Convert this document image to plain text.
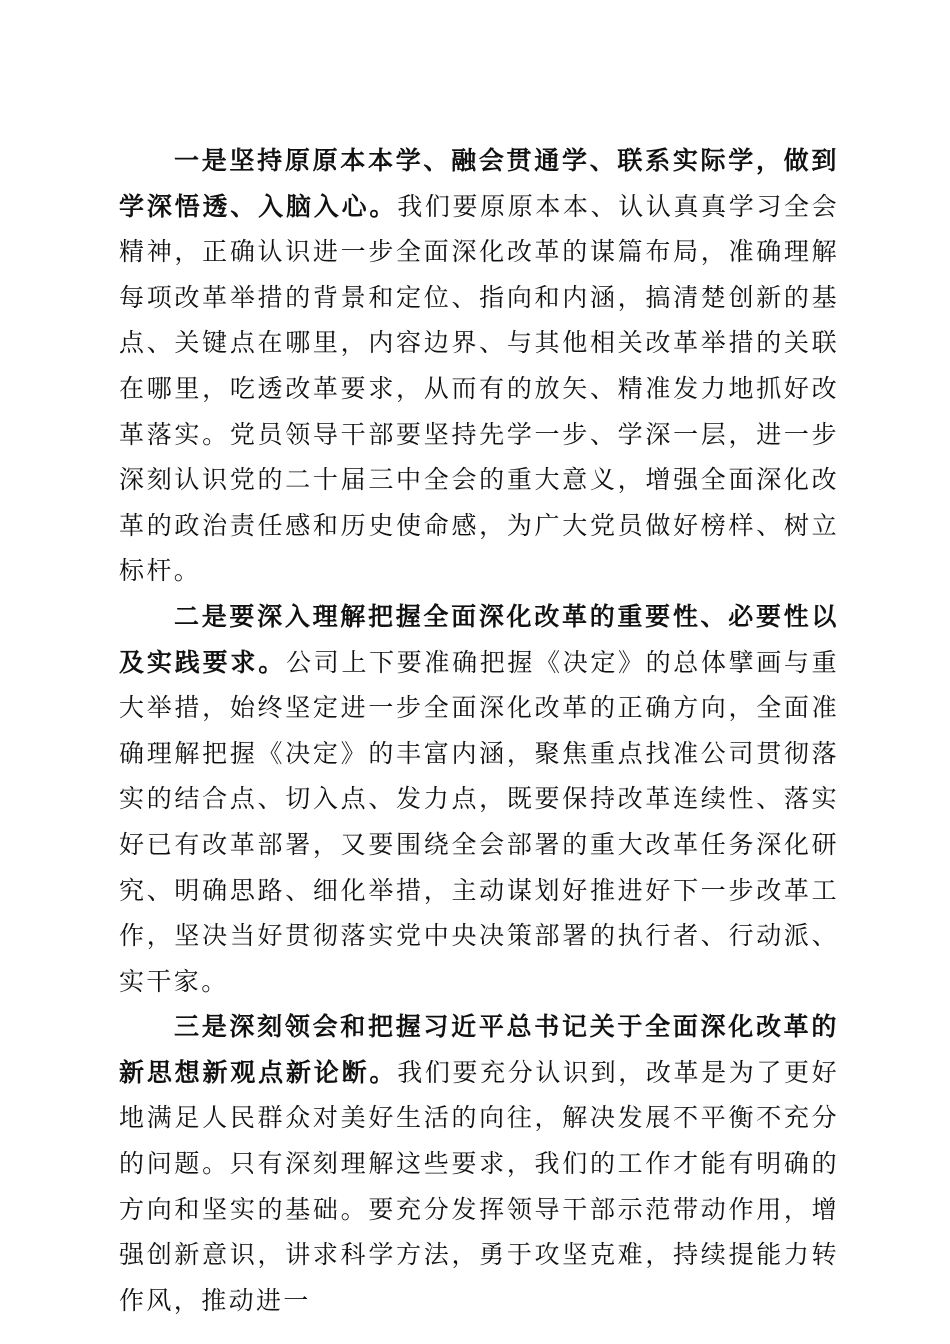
一是坚持原原本本学、融会贯通学、联系实际学，做到学深悟透、入脑入心。我们要原原本本、认认真真学习全会精神，正确认识进一步全面深化改革的谋篇布局，准确理解每项改革举措的背景和定位、指向和内涵，搞清楚创新的基点、关键点在哪里，内容边界、与其他相关改革举措的关联在哪里，吃透改革要求，从而有的放矢、精准发力地抓好改革落实。党员领导干部要坚持先学一步、学深一层，进一步深刻认识党的二十届三中全会的重大意义，增强全面深化改革的政治责任感和历史使命感，为广大党员做好榜样、树立标杆。

二是要深入理解把握全面深化改革的重要性、必要性以及实践要求。公司上下要准确把握《决定》的总体擘画与重大举措，始终坚定进一步全面深化改革的正确方向，全面准确理解把握《决定》的丰富内涵，聚焦重点找准公司贯彻落实的结合点、切入点、发力点，既要保持改革连续性、落实好已有改革部署，又要围绕全会部署的重大改革任务深化研究、明确思路、细化举措，主动谋划好推进好下一步改革工作，坚决当好贯彻落实党中央决策部署的执行者、行动派、实干家。

三是深刻领会和把握习近平总书记关于全面深化改革的新思想新观点新论断。我们要充分认识到，改革是为了更好地满足人民群众对美好生活的向往，解决发展不平衡不充分的问题。只有深刻理解这些要求，我们的工作才能有明确的方向和坚实的基础。要充分发挥领导干部示范带动作用，增强创新意识，讲求科学方法，勇于攻坚克难，持续提能力转作风，推动进一
